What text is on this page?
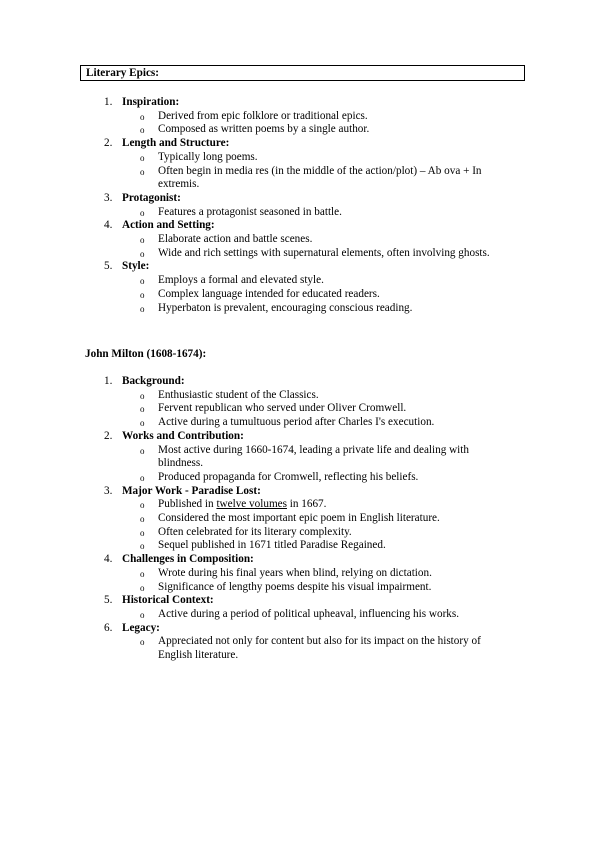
Literary Epics:
1. Inspiration:
o Derived from epic folklore or traditional epics.
o Composed as written poems by a single author.
2. Length and Structure:
o Typically long poems.
o Often begin in media res (in the middle of the action/plot) – Ab ova + In extremis.
3. Protagonist:
o Features a protagonist seasoned in battle.
4. Action and Setting:
o Elaborate action and battle scenes.
o Wide and rich settings with supernatural elements, often involving ghosts.
5. Style:
o Employs a formal and elevated style.
o Complex language intended for educated readers.
o Hyperbaton is prevalent, encouraging conscious reading.
John Milton (1608-1674):
1. Background:
o Enthusiastic student of the Classics.
o Fervent republican who served under Oliver Cromwell.
o Active during a tumultuous period after Charles I's execution.
2. Works and Contribution:
o Most active during 1660-1674, leading a private life and dealing with blindness.
o Produced propaganda for Cromwell, reflecting his beliefs.
3. Major Work - Paradise Lost:
o Published in twelve volumes in 1667.
o Considered the most important epic poem in English literature.
o Often celebrated for its literary complexity.
o Sequel published in 1671 titled Paradise Regained.
4. Challenges in Composition:
o Wrote during his final years when blind, relying on dictation.
o Significance of lengthy poems despite his visual impairment.
5. Historical Context:
o Active during a period of political upheaval, influencing his works.
6. Legacy:
o Appreciated not only for content but also for its impact on the history of English literature.
